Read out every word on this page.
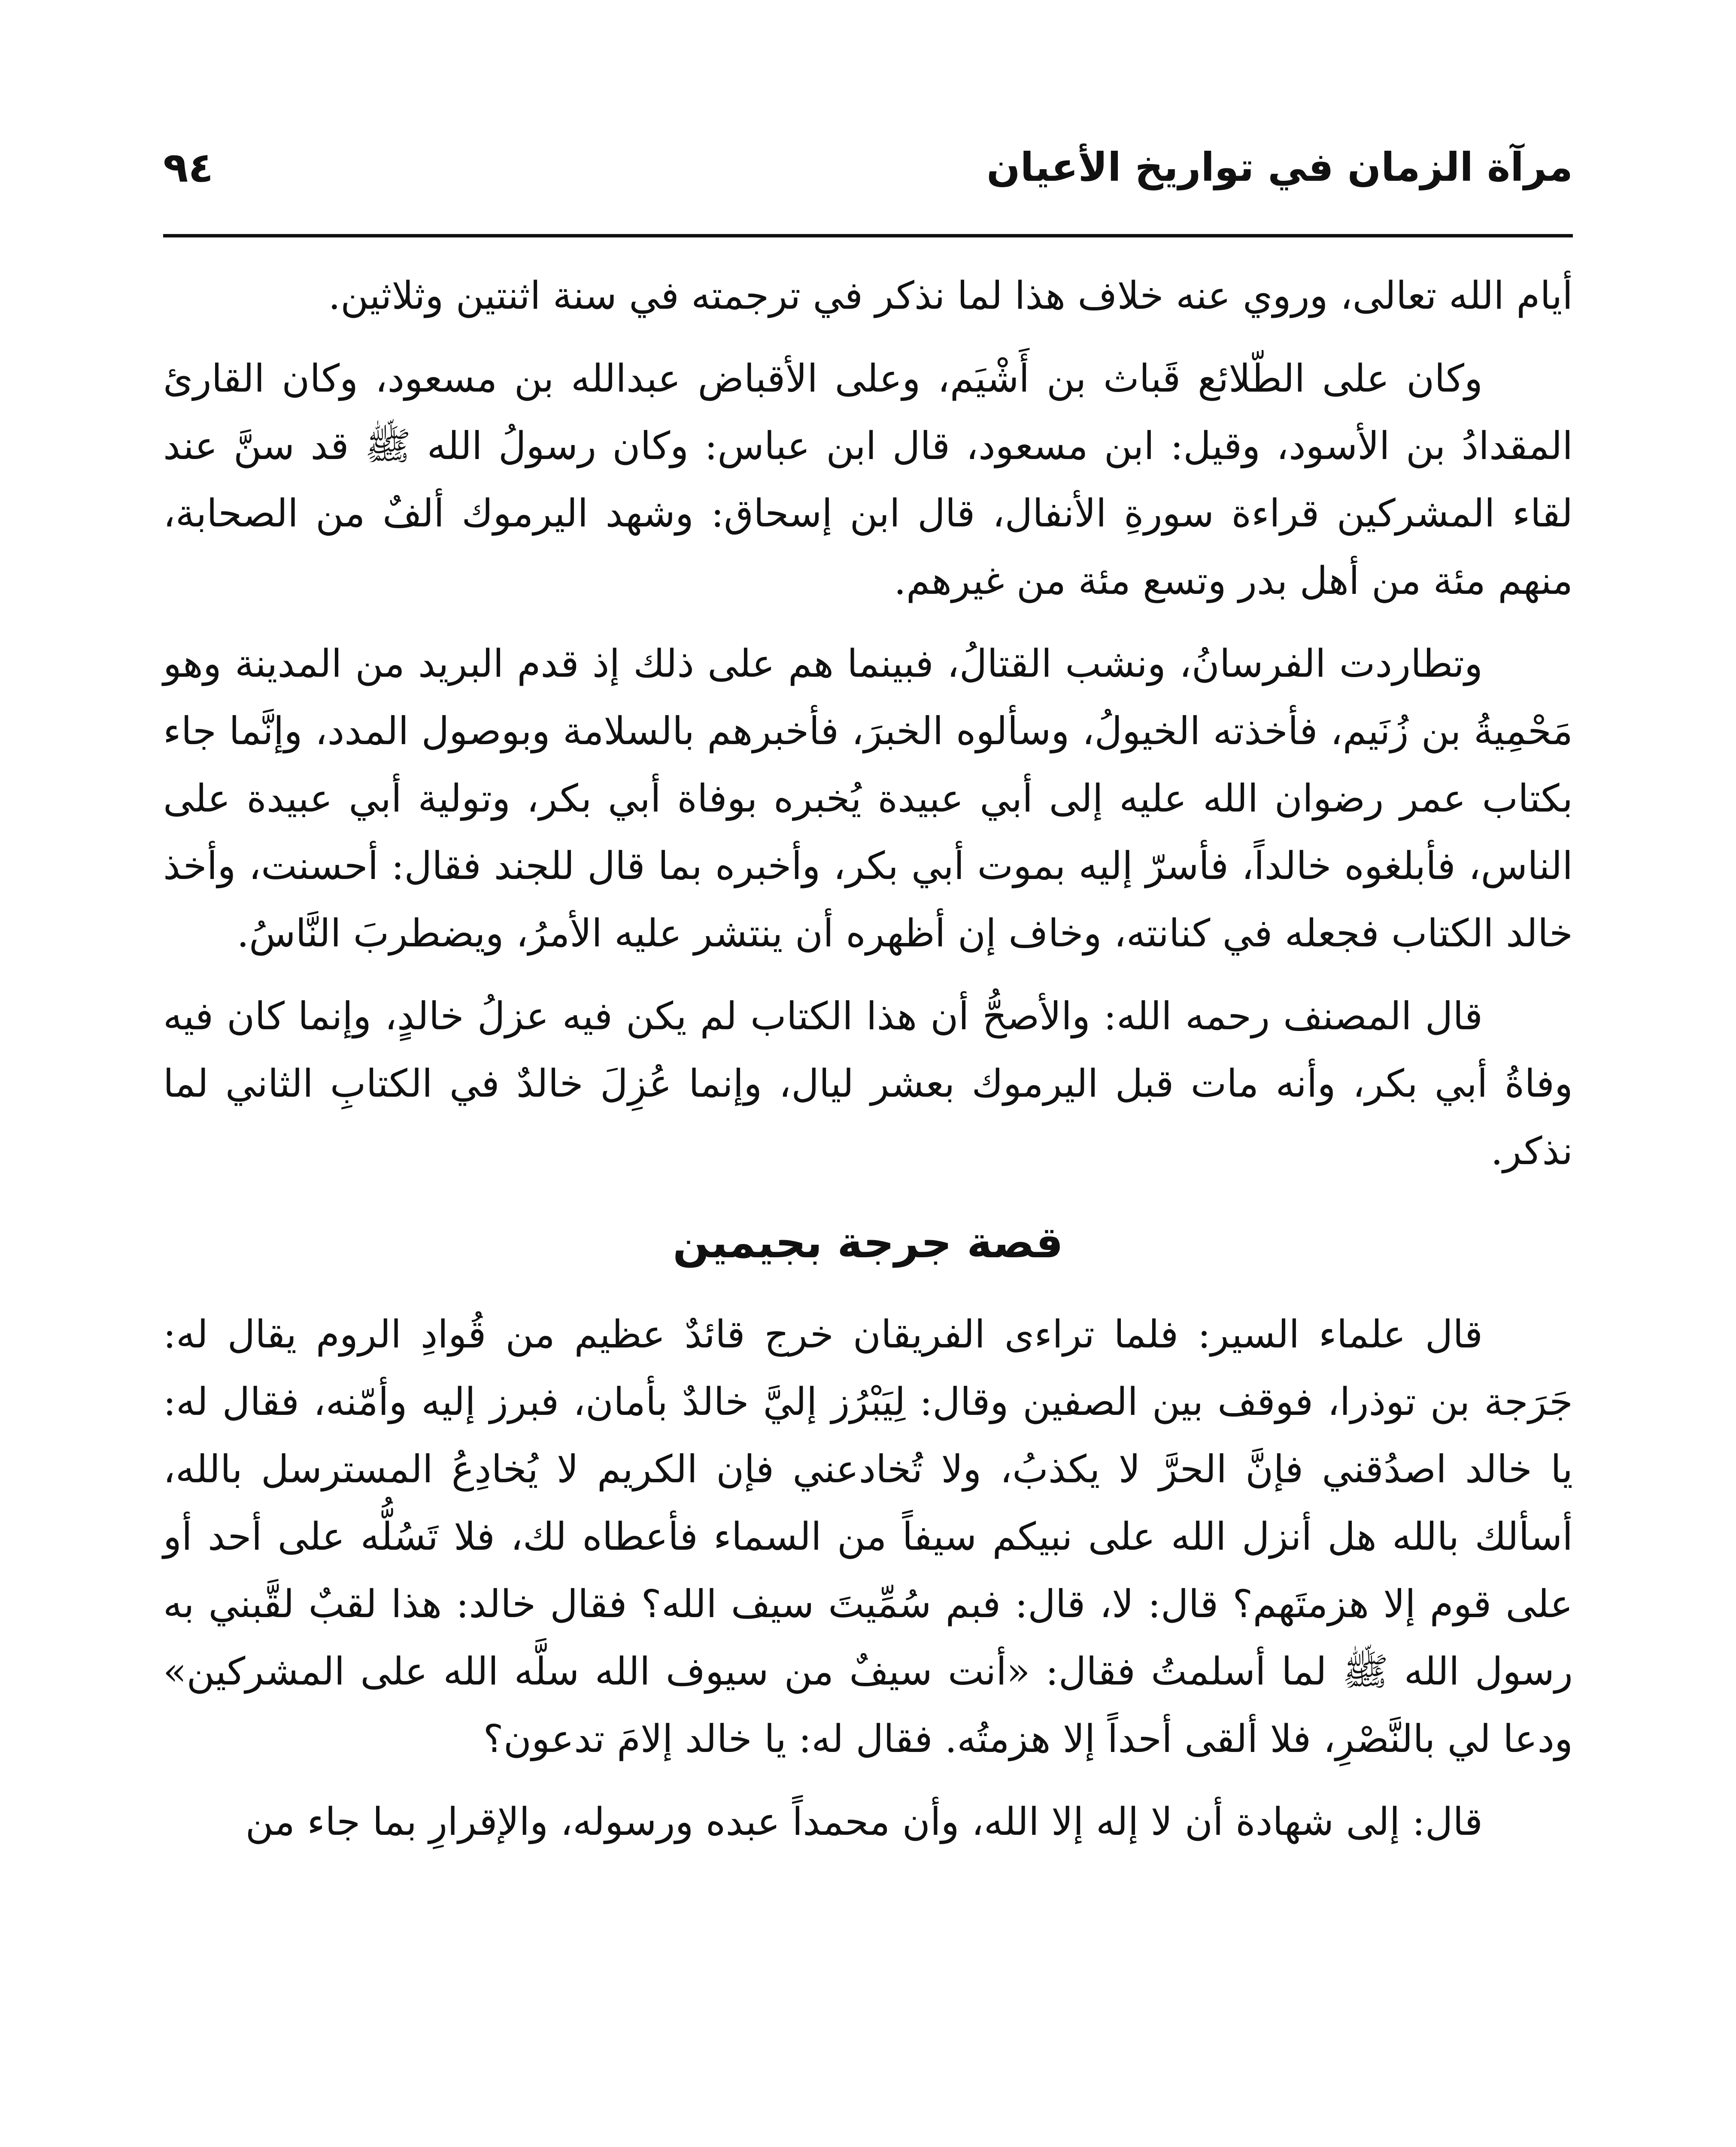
مرآة الزمان في تواريخ الأعيان
٩٤

أيام الله تعالى، وروي عنه خلاف هذا لما نذكر في ترجمته في سنة اثنتين وثلاثين.

وكان على الطّلائع قَباث بن أَشْيَم، وعلى الأقباض عبدالله بن مسعود، وكان القارئ المقدادُ بن الأسود، وقيل: ابن مسعود، قال ابن عباس: وكان رسولُ الله ﷺ قد سنَّ عند لقاء المشركين قراءة سورةِ الأنفال، قال ابن إسحاق: وشهد اليرموك ألفٌ من الصحابة، منهم مئة من أهل بدر وتسع مئة من غيرهم.

وتطاردت الفرسانُ، ونشب القتالُ، فبينما هم على ذلك إذ قدم البريد من المدينة وهو مَحْمِيةُ بن زُنَيم، فأخذته الخيولُ، وسألوه الخبرَ، فأخبرهم بالسلامة وبوصول المدد، وإنَّما جاء بكتاب عمر رضوان الله عليه إلى أبي عبيدة يُخبره بوفاة أبي بكر، وتولية أبي عبيدة على الناس، فأبلغوه خالداً، فأسرّ إليه بموت أبي بكر، وأخبره بما قال للجند فقال: أحسنت، وأخذ خالد الكتاب فجعله في كنانته، وخاف إن أظهره أن ينتشر عليه الأمرُ، ويضطربَ النَّاسُ.

قال المصنف رحمه الله: والأصحُّ أن هذا الكتاب لم يكن فيه عزلُ خالدٍ، وإنما كان فيه وفاةُ أبي بكر، وأنه مات قبل اليرموك بعشر ليال، وإنما عُزِلَ خالدٌ في الكتابِ الثاني لما نذكر.

قصة جرجة بجيمين

قال علماء السير: فلما تراءى الفريقان خرج قائدٌ عظيم من قُوادِ الروم يقال له: جَرَجة بن توذرا، فوقف بين الصفين وقال: لِيَبْرُز إليَّ خالدٌ بأمان، فبرز إليه وأمّنه، فقال له: يا خالد اصدُقني فإنَّ الحرَّ لا يكذبُ، ولا تُخادعني فإن الكريم لا يُخادِعُ المسترسل بالله، أسألك بالله هل أنزل الله على نبيكم سيفاً من السماء فأعطاه لك، فلا تَسُلُّه على أحد أو على قوم إلا هزمتَهم؟ قال: لا، قال: فبم سُمِّيتَ سيف الله؟ فقال خالد: هذا لقبٌ لقَّبني به رسول الله ﷺ لما أسلمتُ فقال: «أنت سيفٌ من سيوف الله سلَّه الله على المشركين» ودعا لي بالنَّصْرِ، فلا ألقى أحداً إلا هزمتُه. فقال له: يا خالد إلامَ تدعون؟

قال: إلى شهادة أن لا إله إلا الله، وأن محمداً عبده ورسوله، والإقرارِ بما جاء من
